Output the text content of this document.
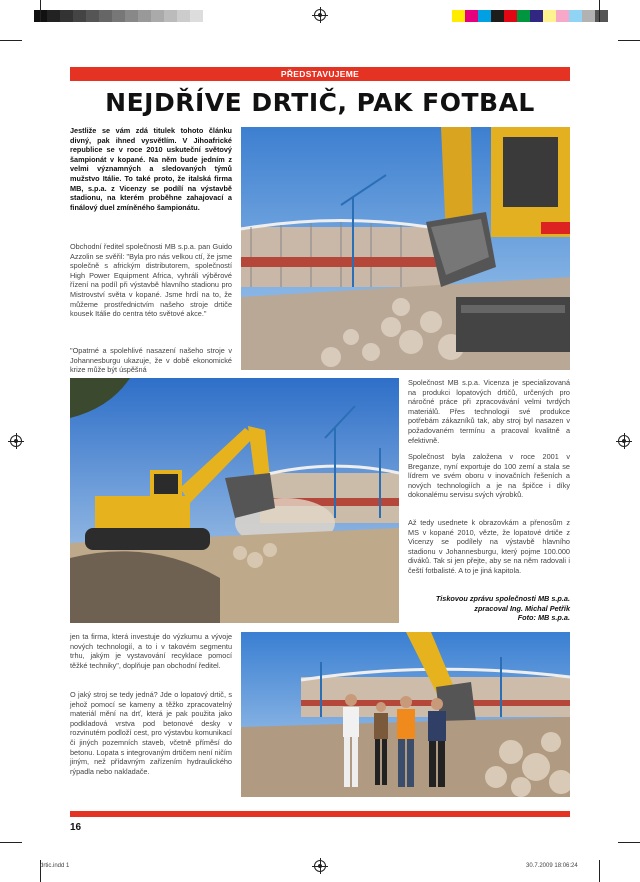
PŘEDSTAVUJEME
NEJDŘÍVE DRTIČ, PAK FOTBAL
Jestliže se vám zdá titulek tohoto článku divný, pak ihned vysvětlím. V Jihoafrické republice se v roce 2010 uskuteční světový šampionát v kopané. Na něm bude jedním z velmi významných a sledovaných týmů mužstvo Itálie. To také proto, že italská firma MB, s.p.a. z Vicenzy se podílí na výstavbě stadionu, na kterém proběhne zahajovací a finálový duel zmíněného šampionátu.
Obchodní ředitel společnosti MB s.p.a. pan Guido Azzolin se svěřil: "Byla pro nás velkou ctí, že jsme společně s africkým distributorem, společností High Power Equipment Africa, vyhráli výběrové řízení na podíl při výstavbě hlavního stadionu pro Mistrovství světa v kopané. Jsme hrdí na to, že můžeme prostřednictvím našeho stroje drtiče kousek Itálie do centra této světové akce."
"Opatrné a spolehlivé nasazení našeho stroje v Johannesburgu ukazuje, že v době ekonomické krize může být úspěšná
Společnost MB s.p.a. Vicenza je specializovaná na produkci lopatových drtičů, určených pro náročné práce při zpracovávání velmi tvrdých materiálů. Přes technologii své produkce potřebám zákazníků tak, aby stroj byl nasazen v požadovaném termínu a pracoval kvalitně a efektivně.
Společnost byla založena v roce 2001 v Breganze, nyní exportuje do 100 zemí a stala se lídrem ve svém oboru v inovačních řešeních a nových technologiích a je na špičce i díky dokonalému servisu svých výrobků.
Až tedy usednete k obrazovkám a přenosům z MS v kopané 2010, vězte, že lopatové drtiče z Vicenzy se podílely na výstavbě hlavního stadionu v Johannesburgu, který pojme 100.000 diváků. Tak si jen přejte, aby se na něm radovali i čeští fotbalisté. A to je jiná kapitola.
Tiskovou zprávu společnosti MB s.p.a.
zpracoval Ing. Michal Petřík
Foto: MB s.p.a.
jen ta firma, která investuje do výzkumu a vývoje nových technologií, a to i v takovém segmentu trhu, jakým je vystavování recyklace pomocí těžké techniky", doplňuje pan obchodní ředitel.
O jaký stroj se tedy jedná? Jde o lopatový drtič, s jehož pomocí se kameny a těžko zpracovatelný materiál mění na drť, která je pak použita jako podkladová vrstva pod betonové desky v rozvinutém podloží cest, pro výstavbu komunikací či jiných pozemních staveb, včetně příměsí do betonu. Lopata s integrovaným drtičem není ničím jiným, než přídavným zařízením hydraulického rýpadla nebo nakladače.
16
drtic.indd 1	30.7.2009 18:06:24
